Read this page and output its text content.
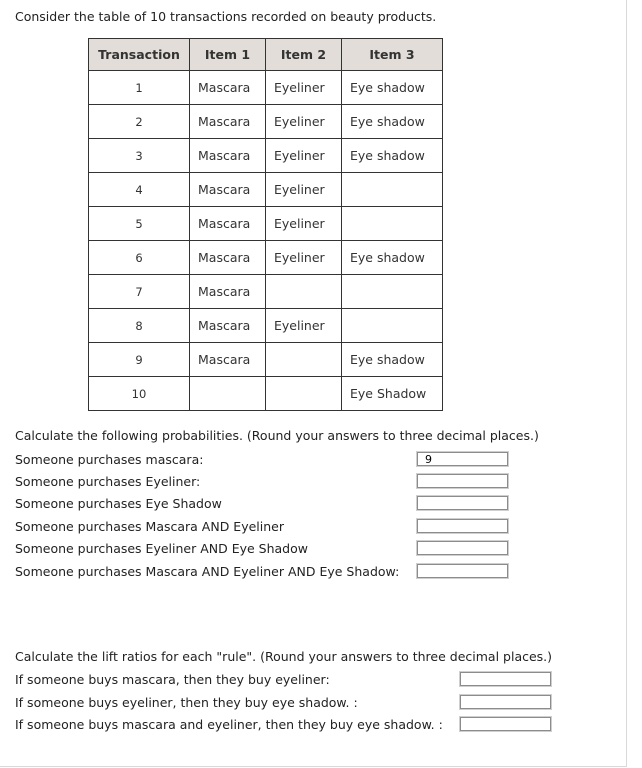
Consider the table of 10 transactions recorded on beauty products.
Transaction	Item 1	Item 2	Item 3
1	Mascara	Eyeliner	Eye shadow
2	Mascara	Eyeliner	Eye shadow
3	Mascara	Eyeliner	Eye shadow
4	Mascara	Eyeliner	
5	Mascara	Eyeliner	
6	Mascara	Eyeliner	Eye shadow
7	Mascara		
8	Mascara	Eyeliner	
9	Mascara		Eye shadow
10			Eye Shadow
Calculate the following probabilities. (Round your answers to three decimal places.)
Someone purchases mascara:
9
Someone purchases Eyeliner:
Someone purchases Eye Shadow
Someone purchases Mascara AND Eyeliner
Someone purchases Eyeliner AND Eye Shadow
Someone purchases Mascara AND Eyeliner AND Eye Shadow:
Calculate the lift ratios for each "rule". (Round your answers to three decimal places.)
If someone buys mascara, then they buy eyeliner:
If someone buys eyeliner, then they buy eye shadow. :
If someone buys mascara and eyeliner, then they buy eye shadow. :
